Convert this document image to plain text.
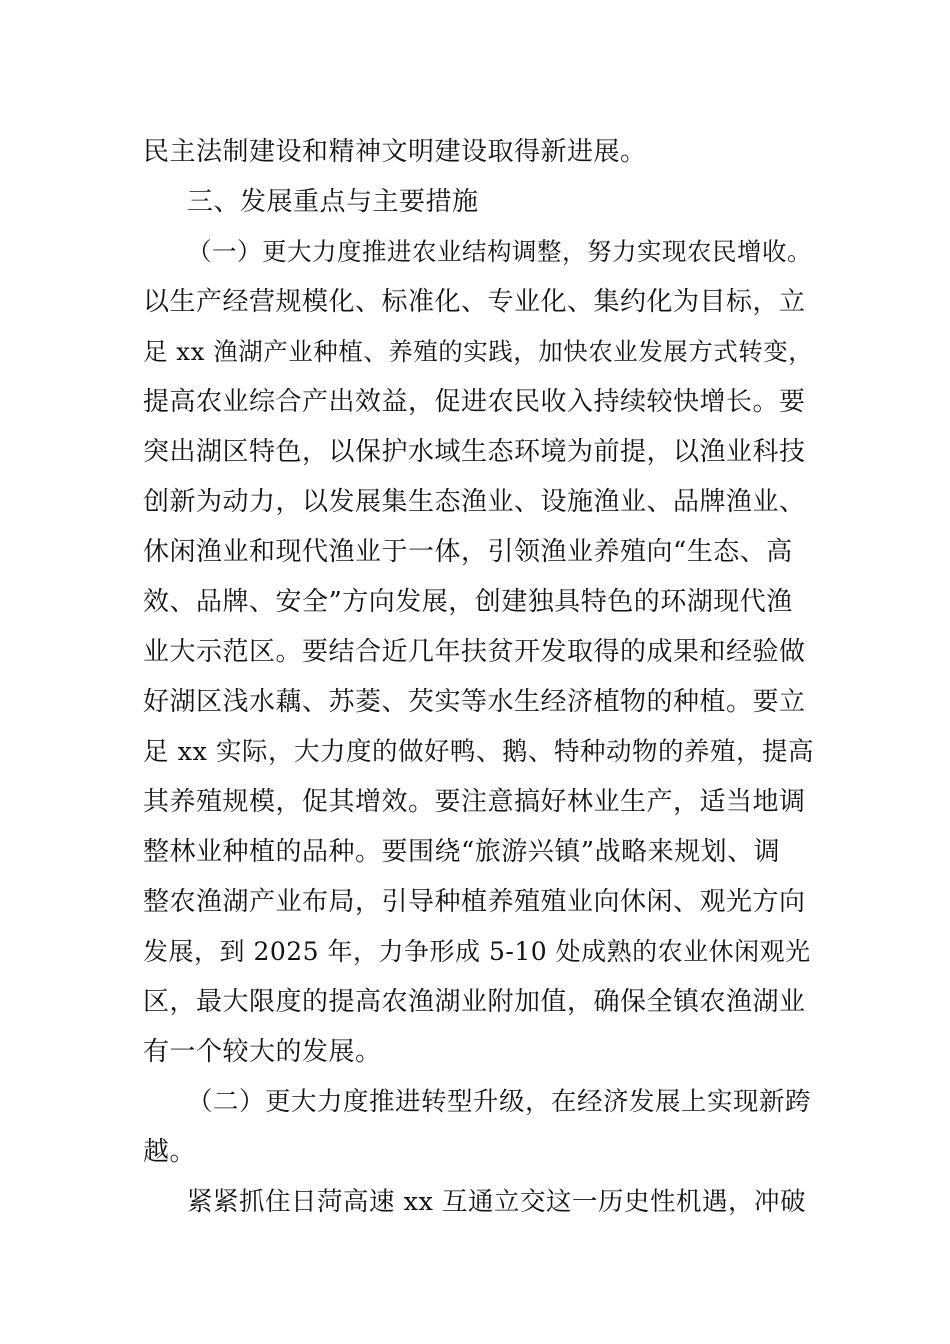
民主法制建设和精神文明建设取得新进展。
三、发展重点与主要措施
（一）更大力度推进农业结构调整，努力实现农民增收。
以生产经营规模化、标准化、专业化、集约化为目标，立
足 xx 渔湖产业种植、养殖的实践，加快农业发展方式转变，
提高农业综合产出效益，促进农民收入持续较快增长。要
突出湖区特色，以保护水域生态环境为前提，以渔业科技
创新为动力，以发展集生态渔业、设施渔业、品牌渔业、
休闲渔业和现代渔业于一体，引领渔业养殖向“生态、高
效、品牌、安全”方向发展，创建独具特色的环湖现代渔
业大示范区。要结合近几年扶贫开发取得的成果和经验做
好湖区浅水藕、苏菱、芡实等水生经济植物的种植。要立
足 xx 实际，大力度的做好鸭、鹅、特种动物的养殖，提高
其养殖规模，促其增效。要注意搞好林业生产，适当地调
整林业种植的品种。要围绕“旅游兴镇”战略来规划、调
整农渔湖产业布局，引导种植养殖殖业向休闲、观光方向
发展，到 2025 年，力争形成 5-10 处成熟的农业休闲观光
区，最大限度的提高农渔湖业附加值，确保全镇农渔湖业
有一个较大的发展。
（二）更大力度推进转型升级，在经济发展上实现新跨
越。
紧紧抓住日菏高速 xx 互通立交这一历史性机遇，冲破
